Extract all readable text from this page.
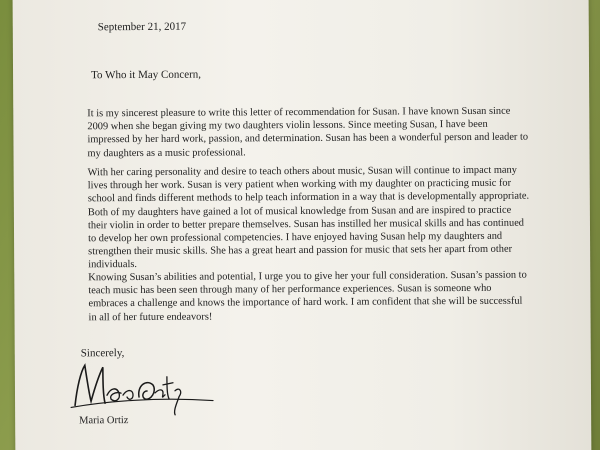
September 21, 2017

To Who it May Concern,

It is my sincerest pleasure to write this letter of recommendation for Susan. I have known Susan since
2009 when she began giving my two daughters violin lessons. Since meeting Susan, I have been
impressed by her hard work, passion, and determination. Susan has been a wonderful person and leader to
my daughters as a music professional.
With her caring personality and desire to teach others about music, Susan will continue to impact many
lives through her work. Susan is very patient when working with my daughter on practicing music for
school and finds different methods to help teach information in a way that is developmentally appropriate.
Both of my daughters have gained a lot of musical knowledge from Susan and are inspired to practice
their violin in order to better prepare themselves. Susan has instilled her musical skills and has continued
to develop her own professional competencies. I have enjoyed having Susan help my daughters and
strengthen their music skills. She has a great heart and passion for music that sets her apart from other
individuals.
Knowing Susan’s abilities and potential, I urge you to give her your full consideration. Susan’s passion to
teach music has been seen through many of her performance experiences. Susan is someone who
embraces a challenge and knows the importance of hard work. I am confident that she will be successful
in all of her future endeavors!

Sincerely,

Maria Ortiz
